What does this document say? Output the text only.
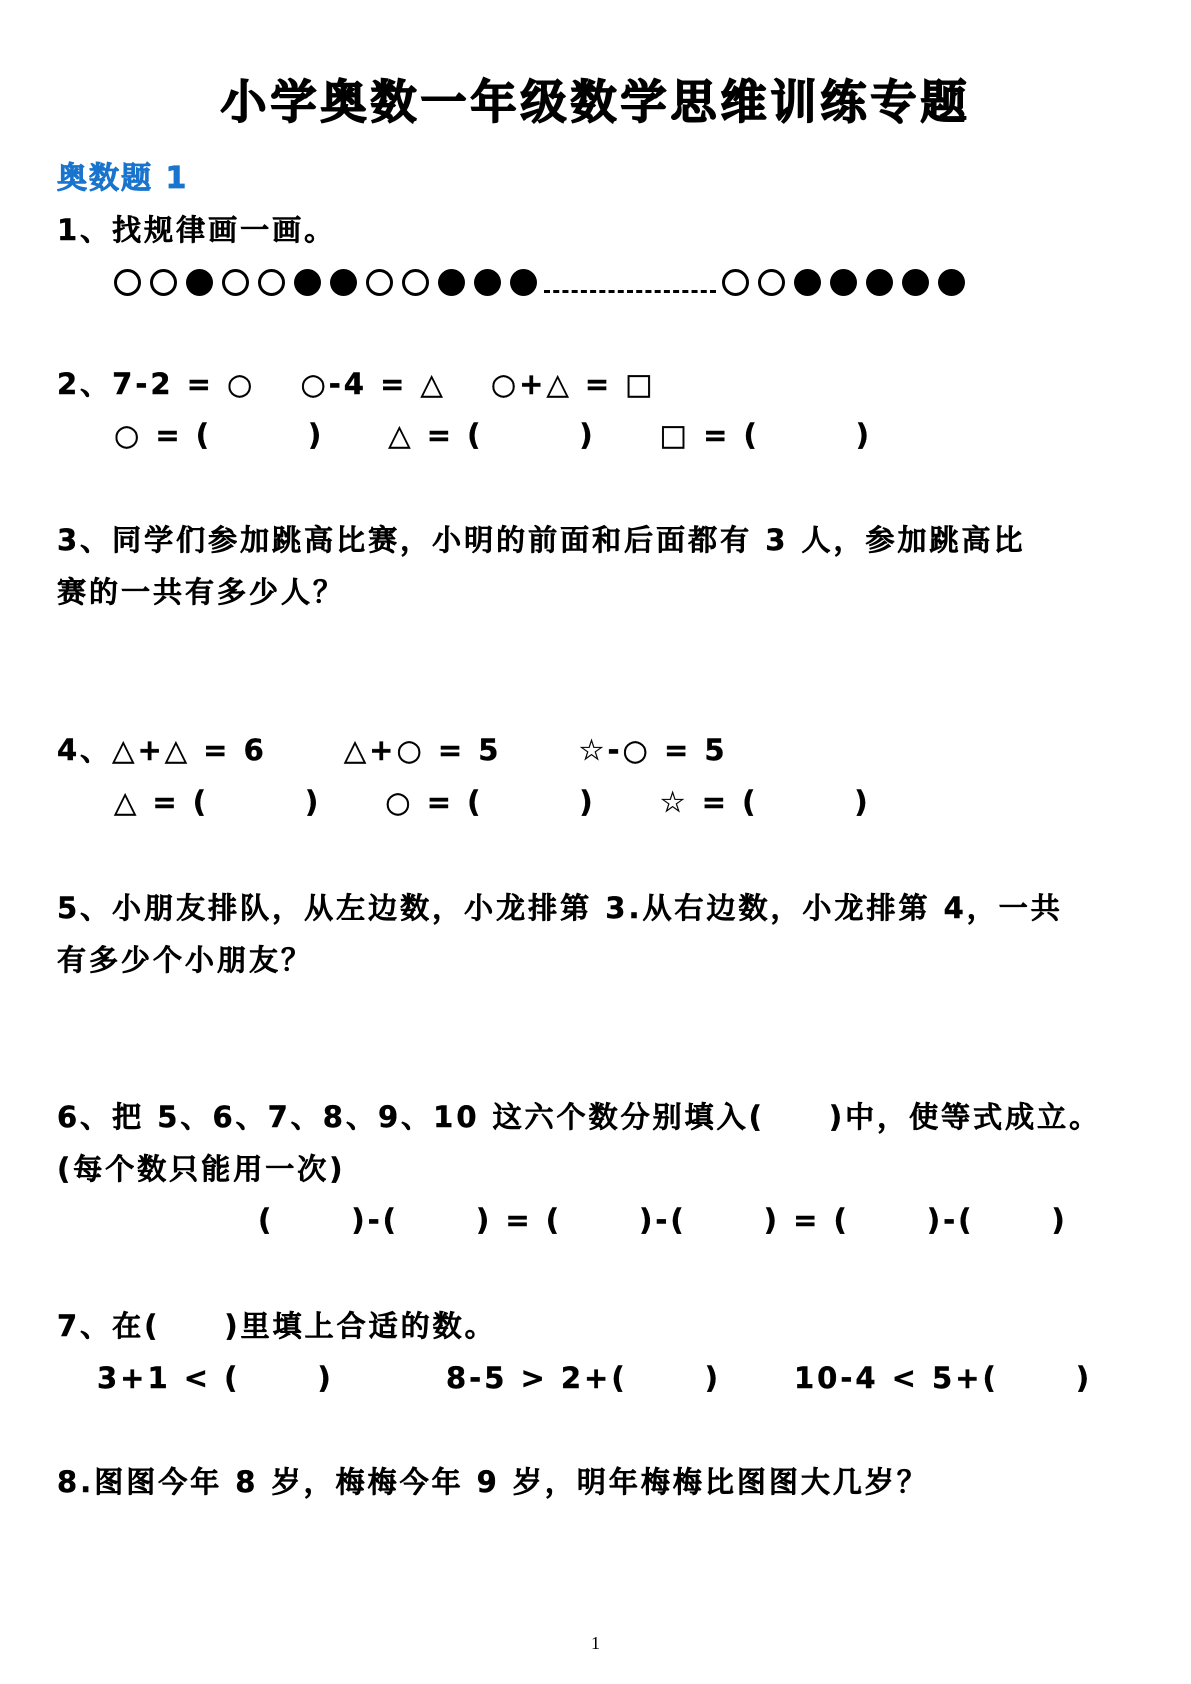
小学奥数一年级数学思维训练专题
奥数题 1
1、找规律画一画。
2、7-2 = ○　 ○-4 = △　 ○+△ = □
○ = (　　　)　　△ = (　　　)　　□ = (　　　)
3、同学们参加跳高比赛，小明的前面和后面都有 3 人，参加跳高比
赛的一共有多少人？
4、△+△ = 6　　 △+○ = 5　　 ☆-○ = 5
△ = (　　　)　　○ = (　　　)　　☆ = (　　　)
5、小朋友排队，从左边数，小龙排第 3.从右边数，小龙排第 4，一共
有多少个小朋友？
6、把 5、6、7、8、9、10 这六个数分别填入(　　)中，使等式成立。
(每个数只能用一次)
(　　 )-(　　 ) = (　　 )-(　　 ) = (　　 )-(　　 )
7、在(　　)里填上合适的数。
3+1 < (　　 )	8-5 > 2+(　　 )	10-4 < 5+(　　 )
8.图图今年 8 岁，梅梅今年 9 岁，明年梅梅比图图大几岁？
1
